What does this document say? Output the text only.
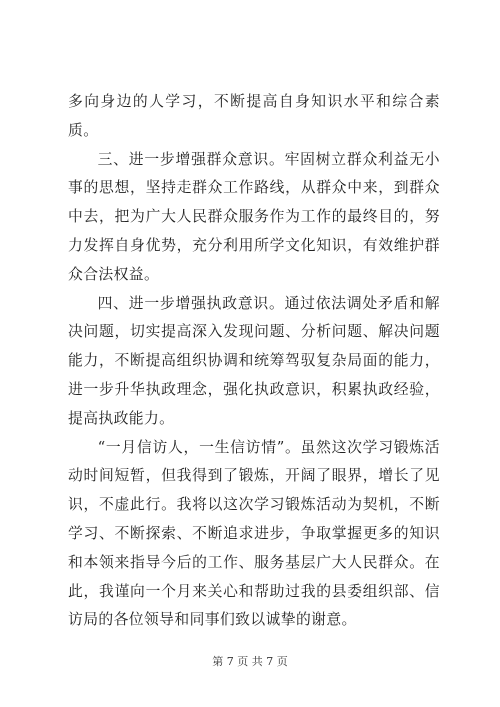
多向身边的人学习，不断提高自身知识水平和综合素质。

三、进一步增强群众意识。牢固树立群众利益无小事的思想，坚持走群众工作路线，从群众中来，到群众中去，把为广大人民群众服务作为工作的最终目的，努力发挥自身优势，充分利用所学文化知识，有效维护群众合法权益。

四、进一步增强执政意识。通过依法调处矛盾和解决问题，切实提高深入发现问题、分析问题、解决问题能力，不断提高组织协调和统筹驾驭复杂局面的能力，进一步升华执政理念，强化执政意识，积累执政经验，提高执政能力。

“一月信访人，一生信访情”。虽然这次学习锻炼活动时间短暂，但我得到了锻炼，开阔了眼界，增长了见识，不虚此行。我将以这次学习锻炼活动为契机，不断学习、不断探索、不断追求进步，争取掌握更多的知识和本领来指导今后的工作、服务基层广大人民群众。在此，我谨向一个月来关心和帮助过我的县委组织部、信访局的各位领导和同事们致以诚挚的谢意。

第 7 页 共 7 页
